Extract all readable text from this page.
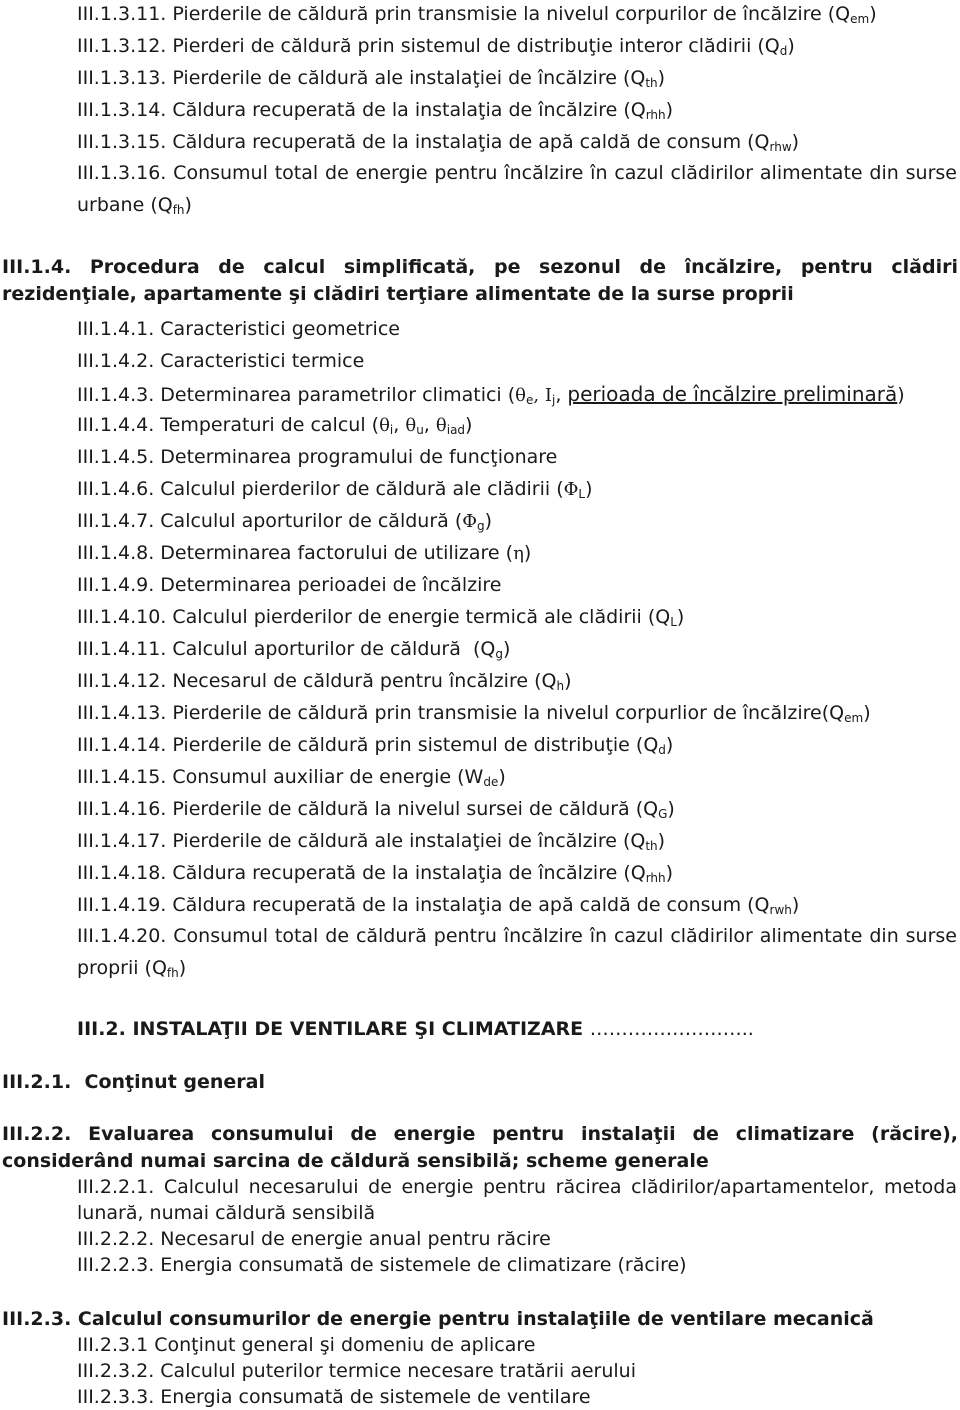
III.1.3.11. Pierderile de căldură prin transmisie la nivelul corpurilor de încălzire $(Q_{em})$
III.1.3.12. Pierderi de căldură prin sistemul de distribuţie interor clădirii $(Q_d)$
III.1.3.13. Pierderile de căldură ale instalaţiei de încălzire $(Q_{th})$
III.1.3.14. Căldura recuperată de la instalaţia de încălzire $(Q_{rhh})$
III.1.3.15. Căldura recuperată de la instalaţia de apă caldă de consum $(Q_{rhw})$
III.1.3.16. Consumul total de energie pentru încălzire în cazul clădirilor alimentate din surse urbane $(Q_{fh})$
III.1.4. Procedura de calcul simplificată, pe sezonul de încălzire, pentru clădiri rezidenţiale, apartamente şi clădiri terţiare alimentate de la surse proprii
III.1.4.1. Caracteristici geometrice
III.1.4.2. Caracteristici termice
III.1.4.3. Determinarea parametrilor climatici ($\theta_e$, $I_j$, perioada de încălzire preliminară)
III.1.4.4. Temperaturi de calcul ($\theta_i$, $\theta_u$, $\theta_{iad}$)
III.1.4.5. Determinarea programului de funcţionare
III.1.4.6. Calculul pierderilor de căldură ale clădirii $(\Phi_L)$
III.1.4.7. Calculul aporturilor de căldură $(\Phi_g)$
III.1.4.8. Determinarea factorului de utilizare (η)
III.1.4.9. Determinarea perioadei de încălzire
III.1.4.10. Calculul pierderilor de energie termică ale clădirii $(Q_L)$
III.1.4.11. Calculul aporturilor de căldură  $(Q_g)$
III.1.4.12. Necesarul de căldură pentru încălzire $(Q_h)$
III.1.4.13. Pierderile de căldură prin transmisie la nivelul corpurlior de $încălzire(Q_{em})$
III.1.4.14. Pierderile de căldură prin sistemul de distribuţie $(Q_d)$
III.1.4.15. Consumul auxiliar de energie $(W_{de})$
III.1.4.16. Pierderile de căldură la nivelul sursei de căldură $(Q_G)$
III.1.4.17. Pierderile de căldură ale instalaţiei de încălzire $(Q_{th})$
III.1.4.18. Căldura recuperată de la instalaţia de încălzire $(Q_{rhh})$
III.1.4.19. Căldura recuperată de la instalaţia de apă caldă de consum $(Q_{rwh})$
III.1.4.20. Consumul total de căldură pentru încălzire în cazul clădirilor alimentate din surse proprii $(Q_{fh})$
III.2. INSTALAŢII DE VENTILARE ŞI CLIMATIZARE ……………………..
III.2.1.  Conţinut general
III.2.2. Evaluarea consumului de energie pentru instalaţii de climatizare (răcire), considerând numai sarcina de căldură sensibilă; scheme generale
III.2.2.1. Calculul necesarului de energie pentru răcirea clădirilor/apartamentelor, metoda lunară, numai căldură sensibilă
III.2.2.2. Necesarul de energie anual pentru răcire
III.2.2.3. Energia consumată de sistemele de climatizare (răcire)
III.2.3. Calculul consumurilor de energie pentru instalaţiile de ventilare mecanică
III.2.3.1 Conţinut general şi domeniu de aplicare
III.2.3.2. Calculul puterilor termice necesare tratării aerului
III.2.3.3. Energia consumată de sistemele de ventilare
